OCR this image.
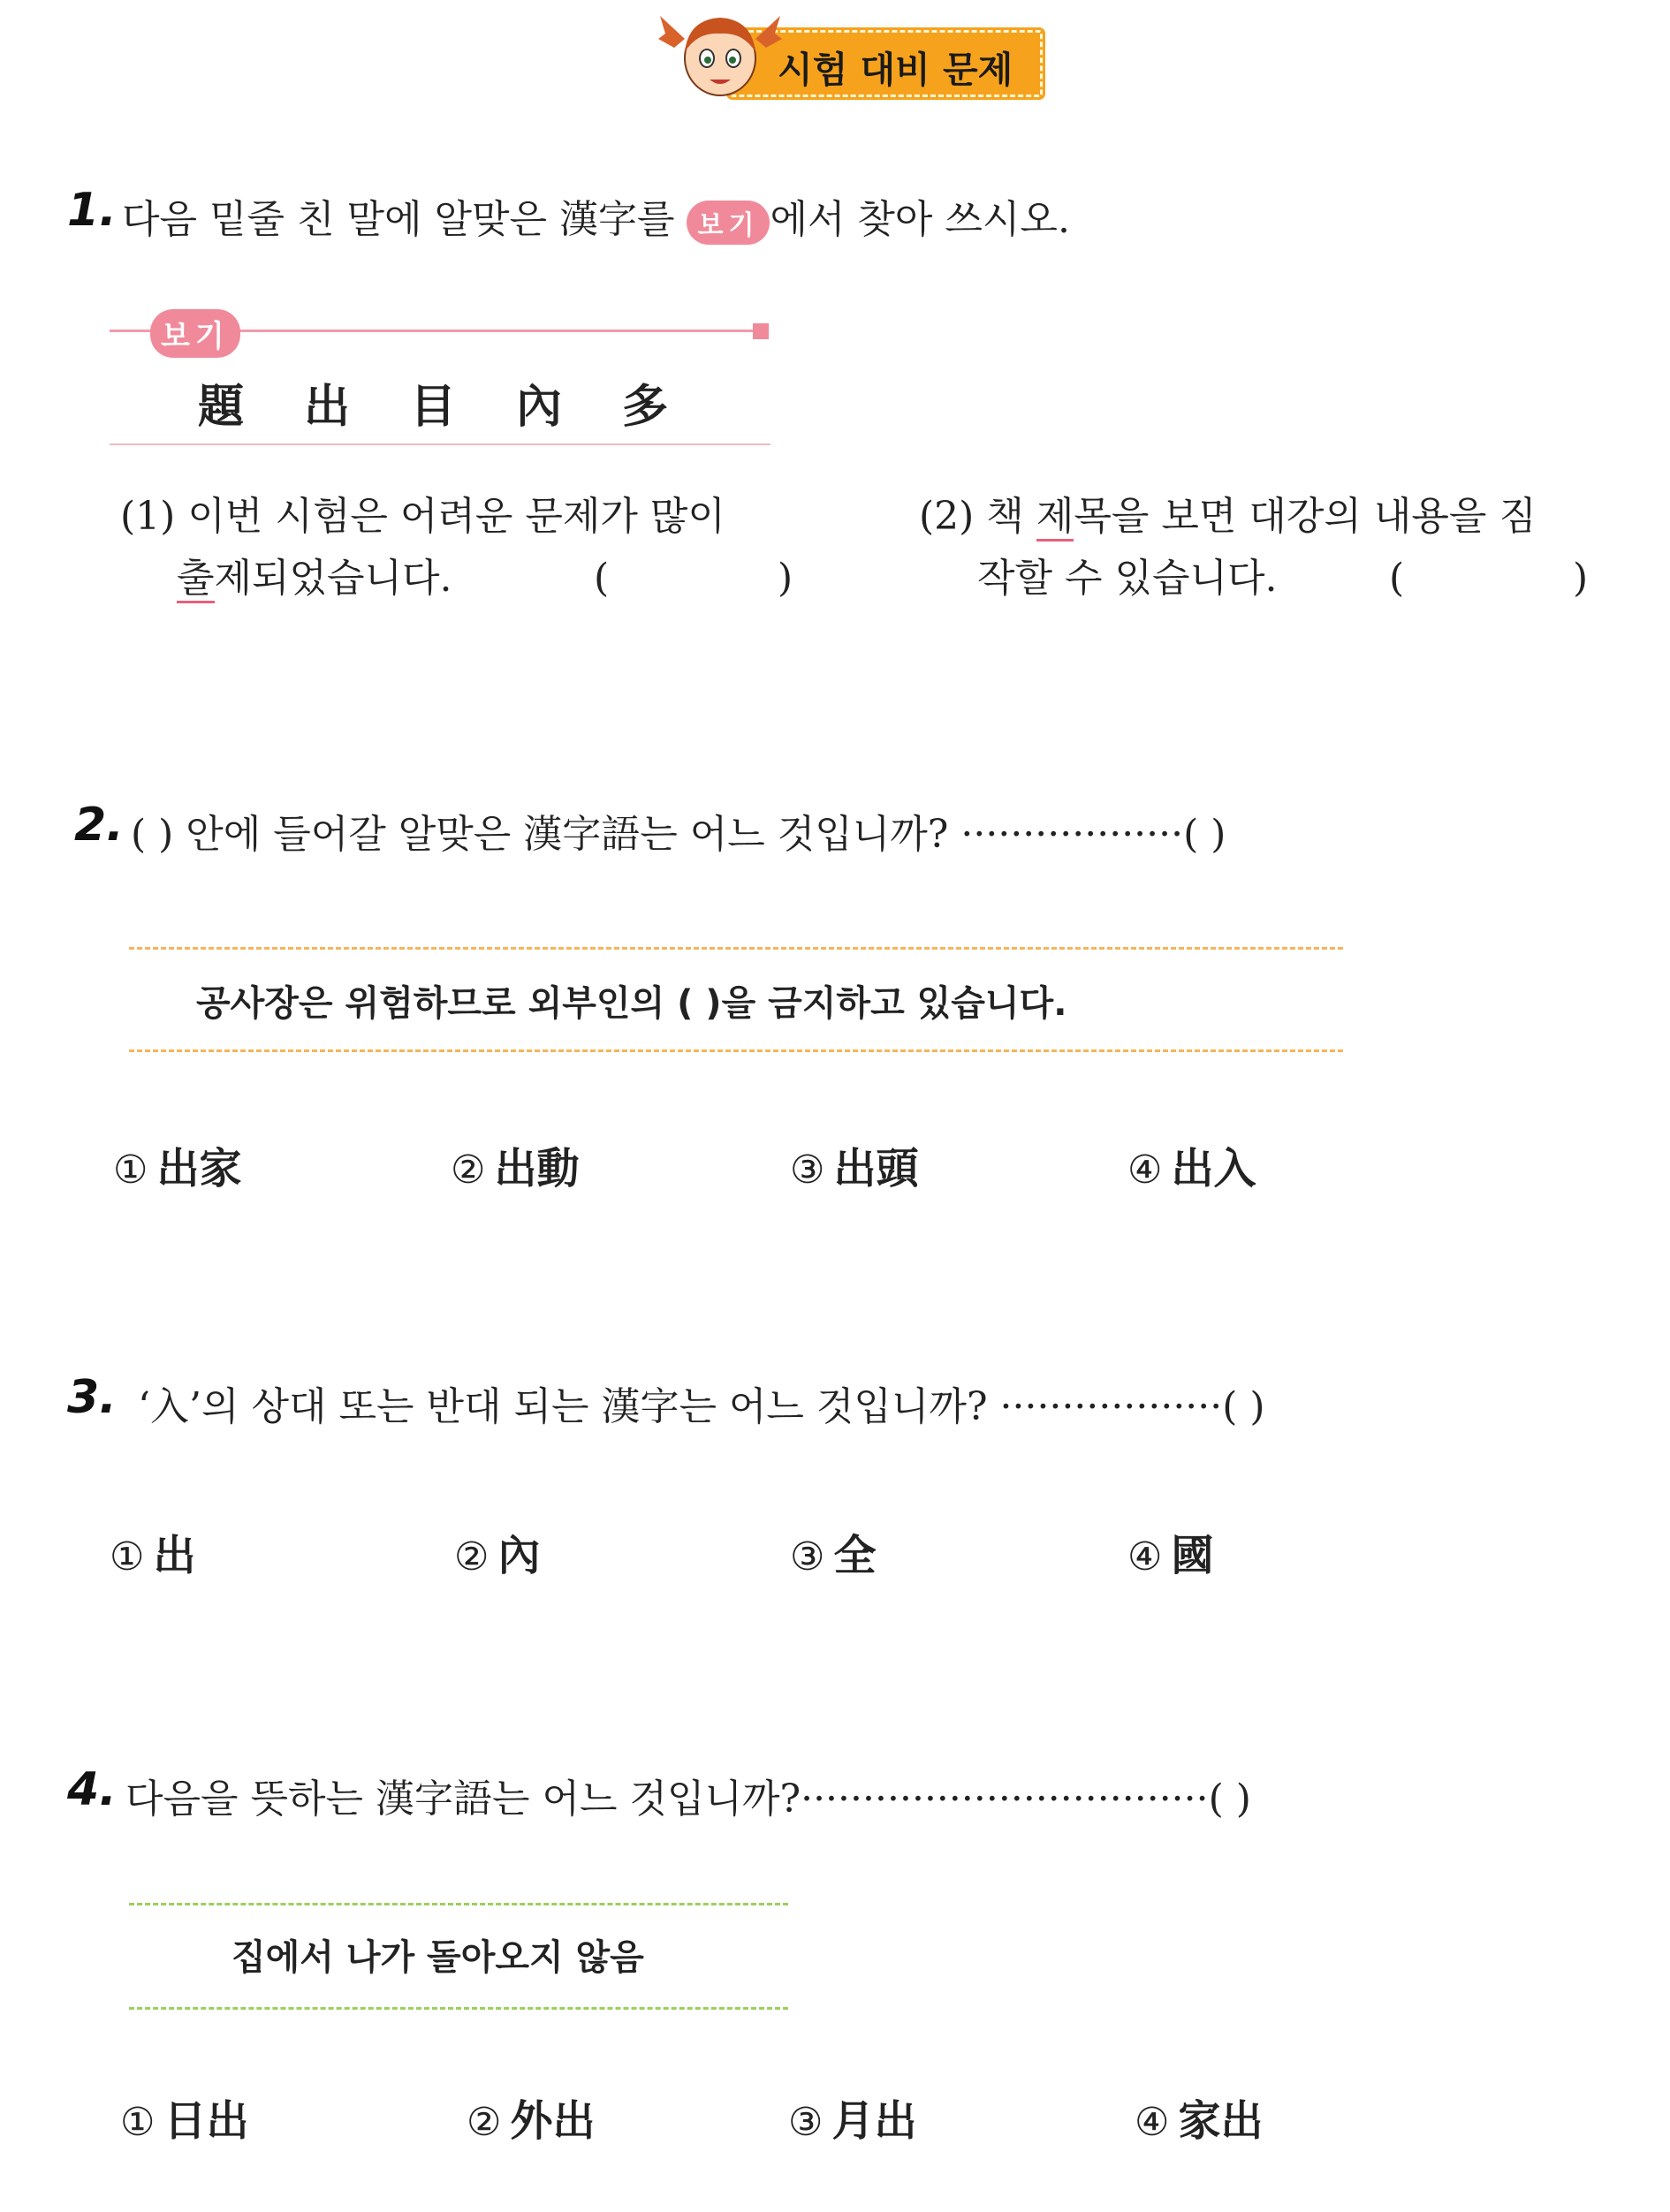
시험 대비 문제
1. 다음 밑줄 친 말에 알맞은 漢字를 보기 에서 찾아 쓰시오.
보기
題 出 目 內 多
(1) 이번 시험은 어려운 문제가 많이
출제되었습니다.	(	)
(2) 책 제목을 보면 대강의 내용을 짐
작할 수 있습니다.	(	)
2. ( ) 안에 들어갈 알맞은 漢字語는 어느 것입니까? ··················( )
공사장은 위험하므로 외부인의 ( )을 금지하고 있습니다.
① 出家	② 出動	③ 出頭	④ 出入
3. ‘入’의 상대 또는 반대 되는 漢字는 어느 것입니까? ··················( )
① 出	② 內	③ 全	④ 國
4. 다음을 뜻하는 漢字語는 어느 것입니까?·································( )
집에서 나가 돌아오지 않음
① 日出	② 外出	③ 月出	④ 家出
